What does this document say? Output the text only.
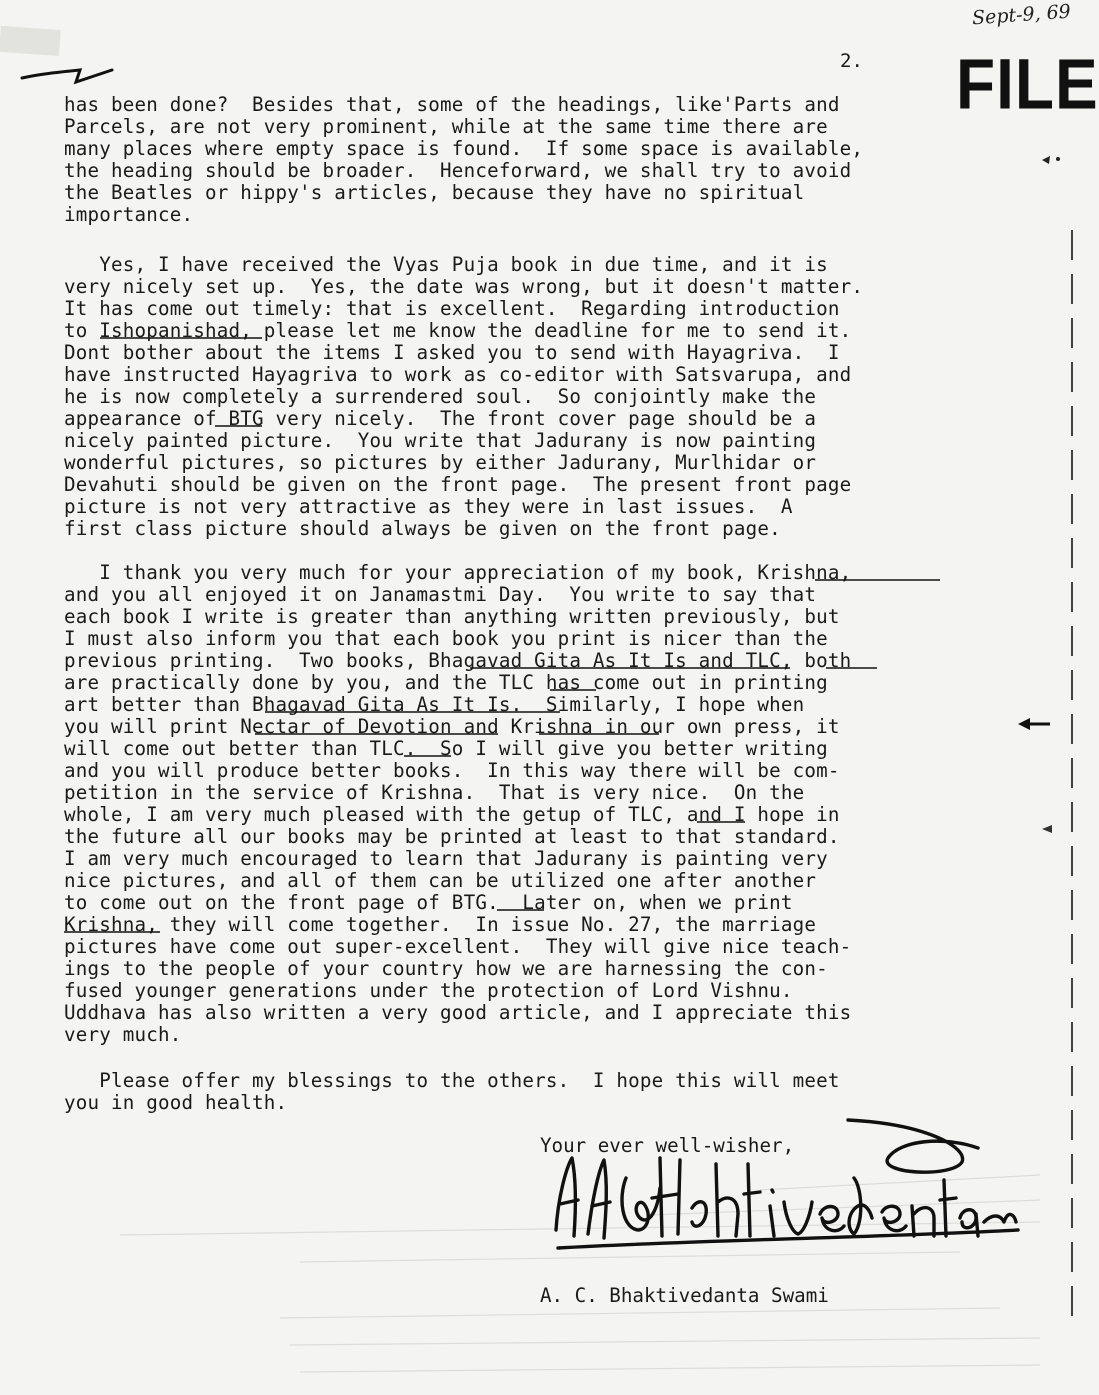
Sept-9, 69
2. FILE
has been done?  Besides that, some of the headings, like'Parts and
Parcels, are not very prominent, while at the same time there are
many places where empty space is found.  If some space is available,
the heading should be broader.  Henceforward, we shall try to avoid
the Beatles or hippy's articles, because they have no spiritual
importance.
Yes, I have received the Vyas Puja book in due time, and it is
very nicely set up.  Yes, the date was wrong, but it doesn't matter.
It has come out timely: that is excellent.  Regarding introduction
to Ishopanishad, please let me know the deadline for me to send it.
Dont bother about the items I asked you to send with Hayagriva.  I
have instructed Hayagriva to work as co-editor with Satsvarupa, and
he is now completely a surrendered soul.  So conjointly make the
appearance of BTG very nicely.  The front cover page should be a
nicely painted picture.  You write that Jadurany is now painting
wonderful pictures, so pictures by either Jadurany, Murlhidar or
Devahuti should be given on the front page.  The present front page
picture is not very attractive as they were in last issues.  A
first class picture should always be given on the front page.
I thank you very much for your appreciation of my book, Krishna,
and you all enjoyed it on Janamastmi Day.  You write to say that
each book I write is greater than anything written previously, but
I must also inform you that each book you print is nicer than the
previous printing.  Two books, Bhagavad Gita As It Is and TLC, both
are practically done by you, and the TLC has come out in printing
art better than Bhagavad Gita As It Is.  Similarly, I hope when
you will print Nectar of Devotion and Krishna in our own press, it
will come out better than TLC.  So I will give you better writing
and you will produce better books.  In this way there will be com-
petition in the service of Krishna.  That is very nice.  On the
whole, I am very much pleased with the getup of TLC, and I hope in
the future all our books may be printed at least to that standard.
I am very much encouraged to learn that Jadurany is painting very
nice pictures, and all of them can be utilized one after another
to come out on the front page of BTG.  Later on, when we print
Krishna, they will come together.  In issue No. 27, the marriage
pictures have come out super-excellent.  They will give nice teach-
ings to the people of your country how we are harnessing the con-
fused younger generations under the protection of Lord Vishnu.
Uddhava has also written a very good article, and I appreciate this
very much.
Please offer my blessings to the others.  I hope this will meet
you in good health.
Your ever well-wisher,
A. C. Bhaktivedanta Swami
